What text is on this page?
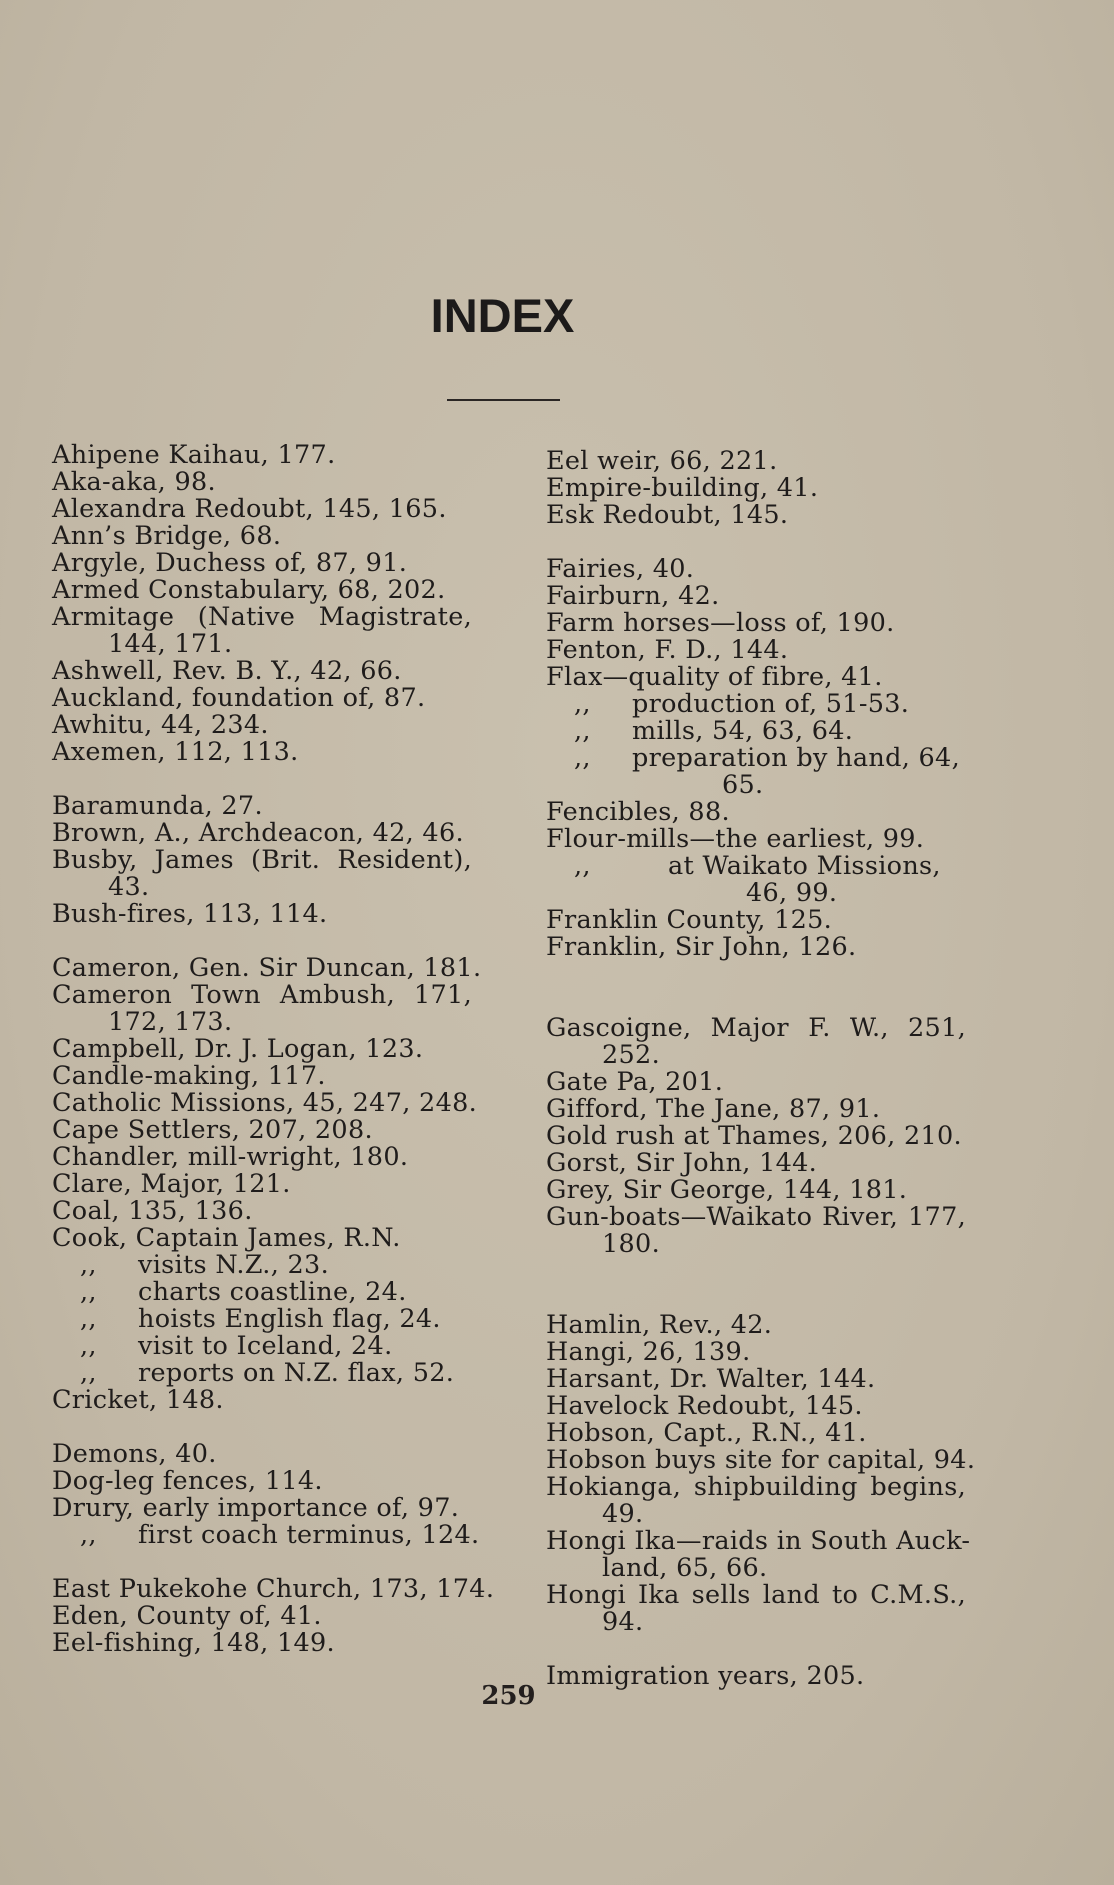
INDEX
Ahipene Kaihau, 177.
Aka-aka, 98.
Alexandra Redoubt, 145, 165.
Ann’s Bridge, 68.
Argyle, Duchess of, 87, 91.
Armed Constabulary, 68, 202.
Armitage (Native Magistrate,
144, 171.
Ashwell, Rev. B. Y., 42, 66.
Auckland, foundation of, 87.
Awhitu, 44, 234.
Axemen, 112, 113.
Baramunda, 27.
Brown, A., Archdeacon, 42, 46.
Busby, James (Brit. Resident),
43.
Bush-fires, 113, 114.
Cameron, Gen. Sir Duncan, 181.
Cameron Town Ambush, 171,
172, 173.
Campbell, Dr. J. Logan, 123.
Candle-making, 117.
Catholic Missions, 45, 247, 248.
Cape Settlers, 207, 208.
Chandler, mill-wright, 180.
Clare, Major, 121.
Coal, 135, 136.
Cook, Captain James, R.N.
,, visits N.Z., 23.
,, charts coastline, 24.
,, hoists English flag, 24.
,, visit to Iceland, 24.
,, reports on N.Z. flax, 52.
Cricket, 148.
Demons, 40.
Dog-leg fences, 114.
Drury, early importance of, 97.
,, first coach terminus, 124.
East Pukekohe Church, 173, 174.
Eden, County of, 41.
Eel-fishing, 148, 149.
Eel weir, 66, 221.
Empire-building, 41.
Esk Redoubt, 145.
Fairies, 40.
Fairburn, 42.
Farm horses—loss of, 190.
Fenton, F. D., 144.
Flax—quality of fibre, 41.
,, production of, 51-53.
,, mills, 54, 63, 64.
,, preparation by hand, 64,
65.
Fencibles, 88.
Flour-mills—the earliest, 99.
,,	at Waikato Missions,
46, 99.
Franklin County, 125.
Franklin, Sir John, 126.
Gascoigne, Major F. W., 251,
252.
Gate Pa, 201.
Gifford, The Jane, 87, 91.
Gold rush at Thames, 206, 210.
Gorst, Sir John, 144.
Grey, Sir George, 144, 181.
Gun-boats—Waikato River, 177,
180.
Hamlin, Rev., 42.
Hangi, 26, 139.
Harsant, Dr. Walter, 144.
Havelock Redoubt, 145.
Hobson, Capt., R.N., 41.
Hobson buys site for capital, 94.
Hokianga, shipbuilding begins,
49.
Hongi Ika—raids in South Auck-
land, 65, 66.
Hongi Ika sells land to C.M.S.,
94.
Immigration years, 205.
259
